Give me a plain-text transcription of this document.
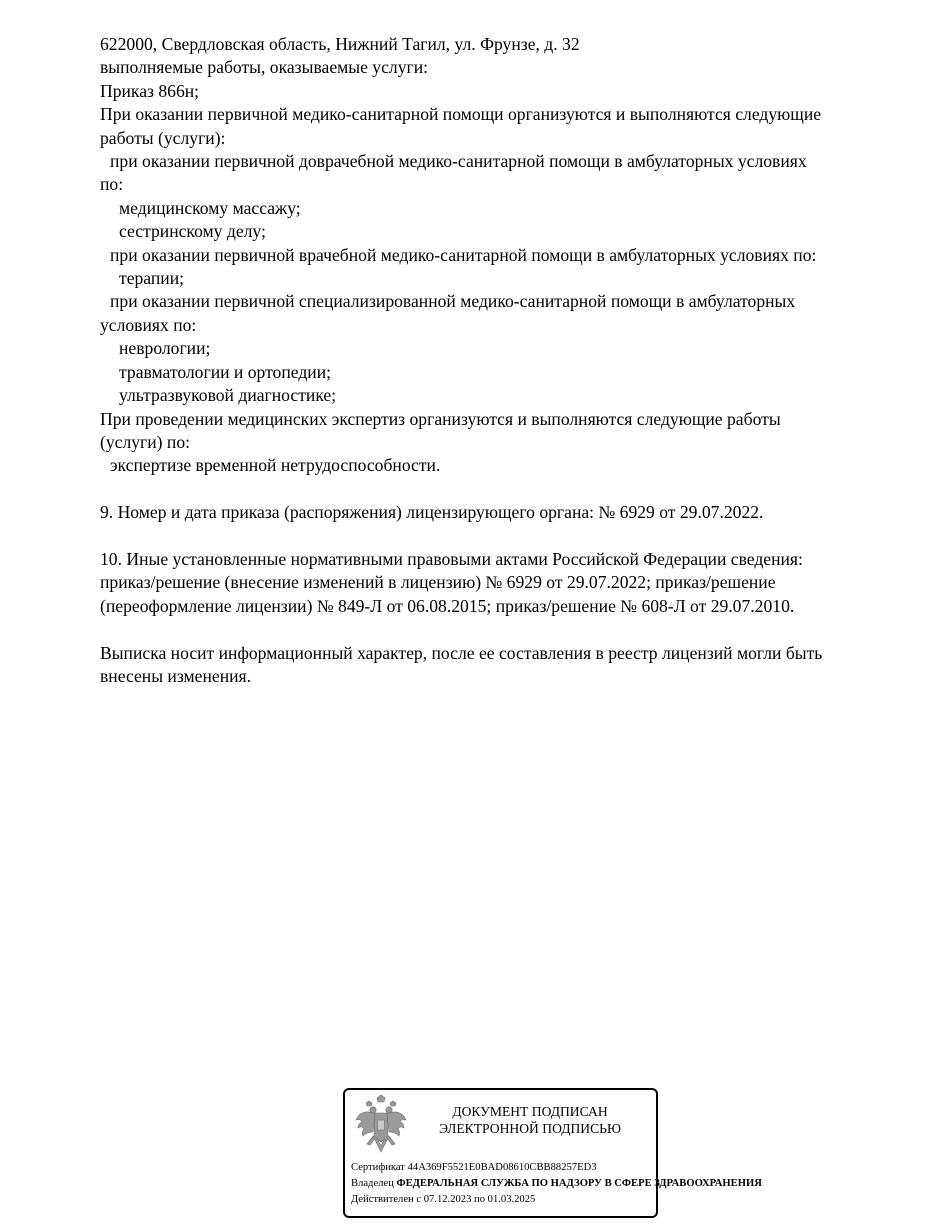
622000, Свердловская область, Нижний Тагил, ул. Фрунзе, д. 32
выполняемые работы, оказываемые услуги:
Приказ 866н;
При оказании первичной медико-санитарной помощи организуются и выполняются следующие
работы (услуги):
при оказании первичной доврачебной медико-санитарной помощи в амбулаторных условиях
по:
медицинскому массажу;
сестринскому делу;
при оказании первичной врачебной медико-санитарной помощи в амбулаторных условиях по:
терапии;
при оказании первичной специализированной медико-санитарной помощи в амбулаторных
условиях по:
неврологии;
травматологии и ортопедии;
ультразвуковой диагностике;
При проведении медицинских экспертиз организуются и выполняются следующие работы
(услуги) по:
экспертизе временной нетрудоспособности.
9. Номер и дата приказа (распоряжения) лицензирующего органа: № 6929 от 29.07.2022.
10. Иные установленные нормативными правовыми актами Российской Федерации сведения:
приказ/решение (внесение изменений в лицензию) № 6929 от 29.07.2022; приказ/решение
(переоформление лицензии) № 849-Л от 06.08.2015; приказ/решение № 608-Л от 29.07.2010.
Выписка носит информационный характер, после ее составления в реестр лицензий могли быть
внесены изменения.
ДОКУМЕНТ ПОДПИСАН
ЭЛЕКТРОННОЙ ПОДПИСЬЮ
Сертификат 44A369F5521E0BAD08610CBB88257ED3
Владелец ФЕДЕРАЛЬНАЯ СЛУЖБА ПО НАДЗОРУ В СФЕРЕ ЗДРАВООХРАНЕНИЯ
Действителен с 07.12.2023 по 01.03.2025
